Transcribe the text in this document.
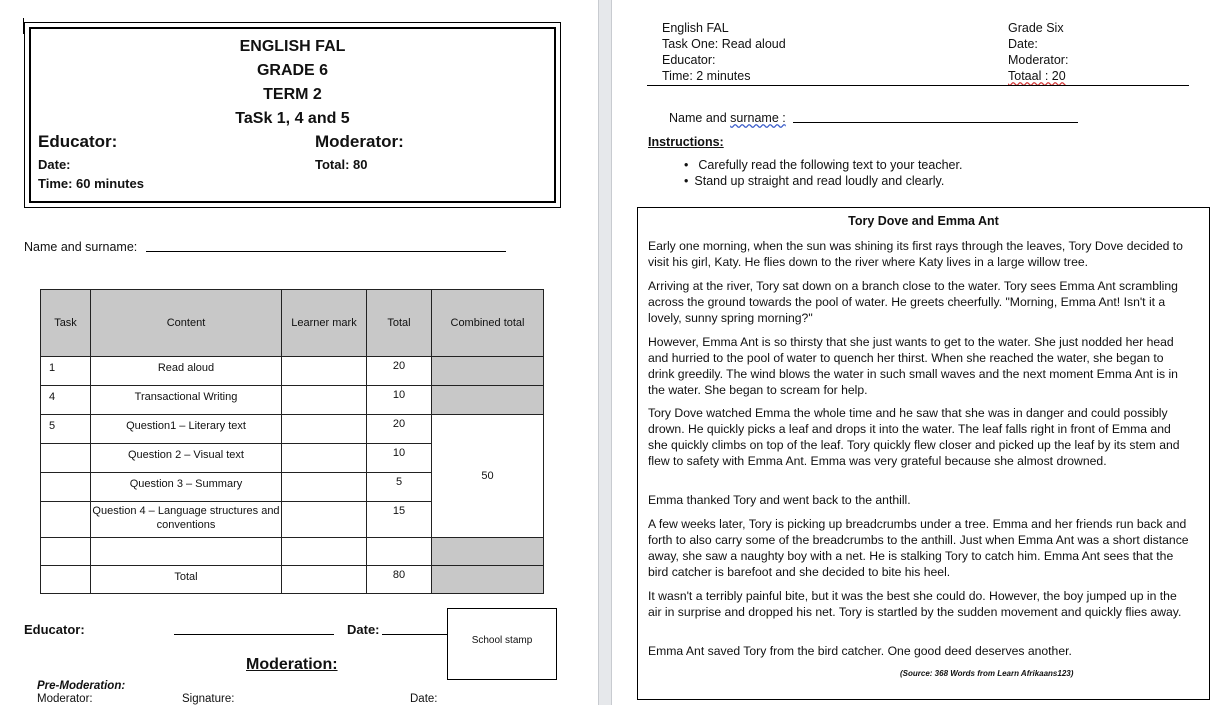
ENGLISH FAL
GRADE 6
TERM 2
TaSk 1, 4 and 5
Educator:	Moderator:
Date:	Total: 80
Time: 60 minutes
Name and surname:
Task	Content	Learner mark	Total	Combined total
1	Read aloud		20	
4	Transactional Writing		10	
5	Question1 – Literary text		20	50
	Question 2 – Visual text		10	
	Question 3 – Summary		5	
	Question 4 – Language structures and conventions		15	

	Total		80	
Educator:	Date:
School stamp
Moderation:
Pre-Moderation:
Moderator:	Signature:	Date:
English FAL
Task One: Read aloud
Educator:
Time: 2 minutes
Grade Six
Date:
Moderator:
Totaal : 20
Name and surname :
Instructions:
• Carefully read the following text to your teacher.
• Stand up straight and read loudly and clearly.
Tory Dove and Emma Ant
Early one morning, when the sun was shining its first rays through the leaves, Tory Dove decided to visit his girl, Katy. He flies down to the river where Katy lives in a large willow tree.
Arriving at the river, Tory sat down on a branch close to the water. Tory sees Emma Ant scrambling across the ground towards the pool of water. He greets cheerfully. "Morning, Emma Ant! Isn't it a lovely, sunny spring morning?"
However, Emma Ant is so thirsty that she just wants to get to the water. She just nodded her head and hurried to the pool of water to quench her thirst. When she reached the water, she began to drink greedily. The wind blows the water in such small waves and the next moment Emma Ant is in the water. She began to scream for help.
Tory Dove watched Emma the whole time and he saw that she was in danger and could possibly drown. He quickly picks a leaf and drops it into the water. The leaf falls right in front of Emma and she quickly climbs on top of the leaf. Tory quickly flew closer and picked up the leaf by its stem and flew to safety with Emma Ant. Emma was very grateful because she almost drowned.
Emma thanked Tory and went back to the anthill.
A few weeks later, Tory is picking up breadcrumbs under a tree. Emma and her friends run back and forth to also carry some of the breadcrumbs to the anthill. Just when Emma Ant was a short distance away, she saw a naughty boy with a net. He is stalking Tory to catch him. Emma Ant sees that the bird catcher is barefoot and she decided to bite his heel.
It wasn't a terribly painful bite, but it was the best she could do. However, the boy jumped up in the air in surprise and dropped his net. Tory is startled by the sudden movement and quickly flies away.
Emma Ant saved Tory from the bird catcher. One good deed deserves another.
(Source: 368 Words from Learn Afrikaans123)
